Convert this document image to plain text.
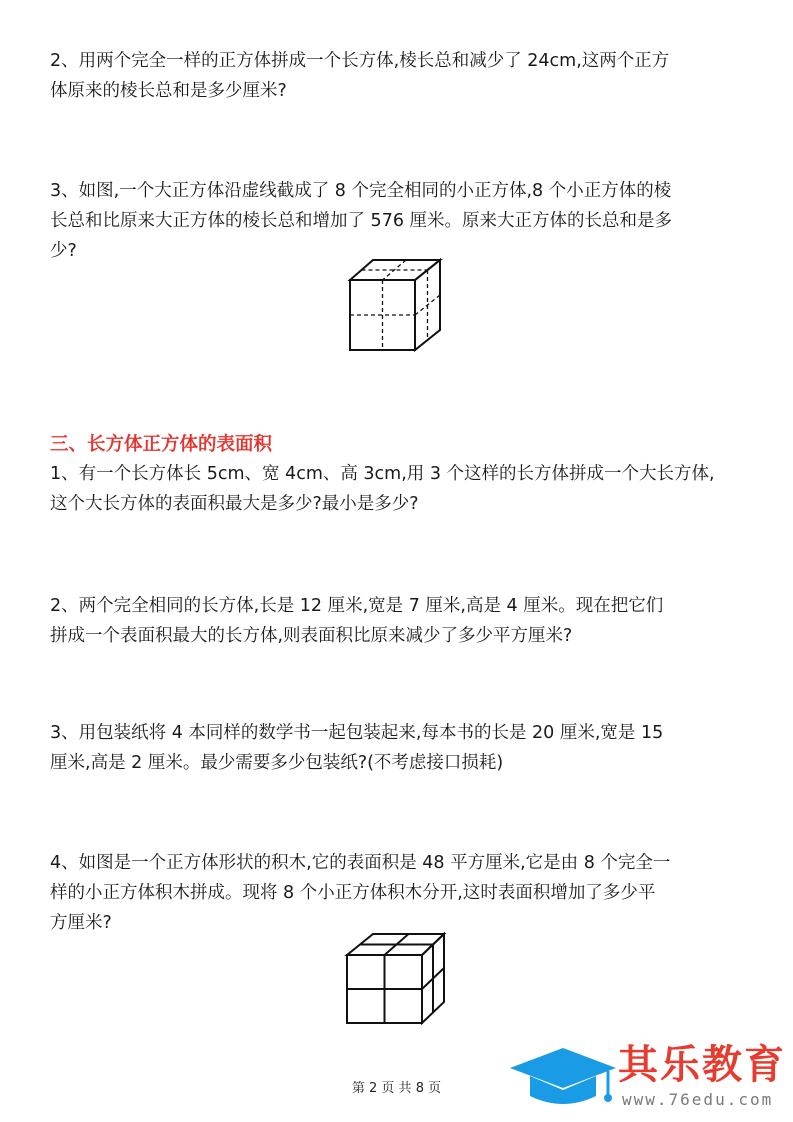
2、用两个完全一样的正方体拼成一个长方体,棱长总和减少了 24cm,这两个正方
体原来的棱长总和是多少厘米?

3、如图,一个大正方体沿虚线截成了 8 个完全相同的小正方体,8 个小正方体的棱
长总和比原来大正方体的棱长总和增加了 576 厘米。原来大正方体的长总和是多
少?

三、长方体正方体的表面积

1、有一个长方体长 5cm、宽 4cm、高 3cm,用 3 个这样的长方体拼成一个大长方体,
这个大长方体的表面积最大是多少?最小是多少?

2、两个完全相同的长方体,长是 12 厘米,宽是 7 厘米,高是 4 厘米。现在把它们
拼成一个表面积最大的长方体,则表面积比原来减少了多少平方厘米?

3、用包装纸将 4 本同样的数学书一起包装起来,每本书的长是 20 厘米,宽是 15
厘米,高是 2 厘米。最少需要多少包装纸?(不考虑接口损耗)

4、如图是一个正方体形状的积木,它的表面积是 48 平方厘米,它是由 8 个完全一
样的小正方体积木拼成。现将 8 个小正方体积木分开,这时表面积增加了多少平
方厘米?

第 2 页 共 8 页
其乐教育
www.76edu.com
